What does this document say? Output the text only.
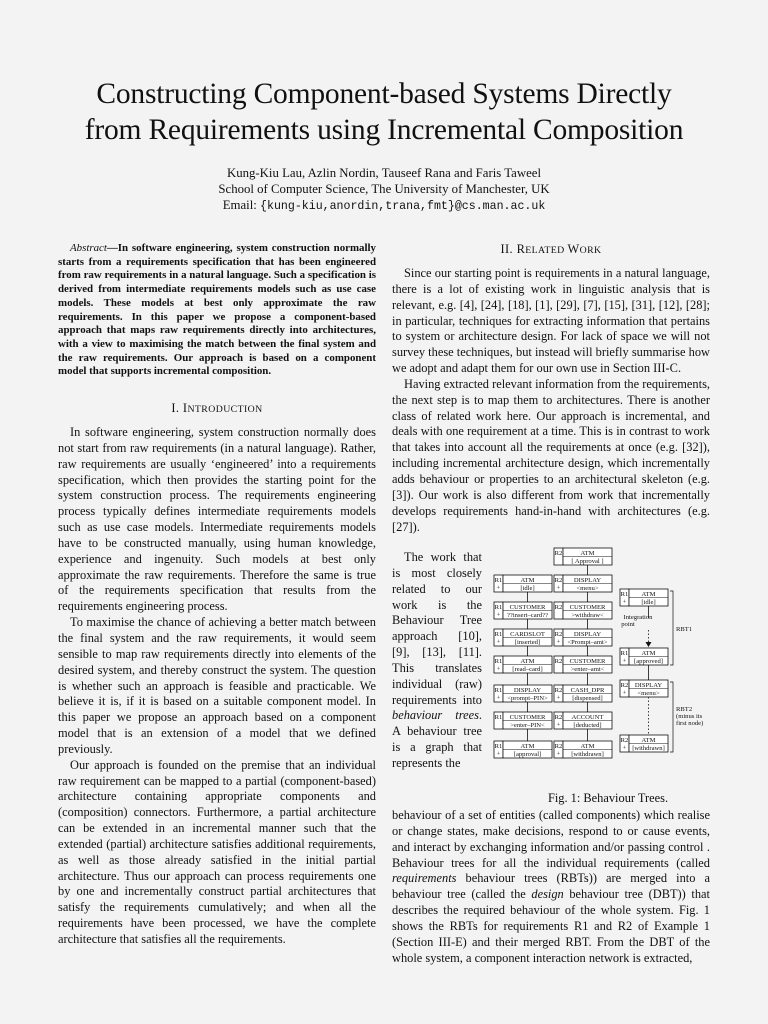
Constructing Component-based Systems Directly
from Requirements using Incremental Composition
Kung-Kiu Lau, Azlin Nordin, Tauseef Rana and Faris Taweel
School of Computer Science, The University of Manchester, UK
Email: {kung-kiu,anordin,trana,fmt}@cs.man.ac.uk
Abstract—In software engineering, system construction normally starts from a requirements specification that has been engineered from raw requirements in a natural language. Such a specification is derived from intermediate requirements models such as use case models. These models at best only approximate the raw requirements. In this paper we propose a component-based approach that maps raw requirements directly into architectures, with a view to maximising the match between the final system and the raw requirements. Our approach is based on a component model that supports incremental composition.
I. INTRODUCTION

In software engineering, system construction normally does not start from raw requirements (in a natural language). Rather, raw requirements are usually ‘engineered’ into a requirements specification, which then provides the starting point for the system construction process. The requirements engineering process typically defines intermediate requirements models such as use case models. Intermediate requirements models have to be constructed manually, using human knowledge, experience and ingenuity. Such models at best only approximate the raw requirements. Therefore the same is true of the requirements specification that results from the requirements engineering process.

To maximise the chance of achieving a better match between the final system and the raw requirements, it would seem sensible to map raw requirements directly into elements of the desired system, and thereby construct the system. The question is whether such an approach is feasible and practicable. We believe it is, if it is based on a suitable component model. In this paper we propose an approach based on a component model that is an extension of a model that we defined previously.

Our approach is founded on the premise that an individual raw requirement can be mapped to a partial (component-based) architecture containing appropriate components and (composition) connectors. Furthermore, a partial architecture can be extended in an incremental manner such that the extended (partial) architecture satisfies additional requirements, as well as those already satisfied in the initial partial architecture. Thus our approach can process requirements one by one and incrementally construct partial architectures that satisfy the requirements cumulatively; and when all the requirements have been processed, we have the complete architecture that satisfies all the requirements.

II. RELATED WORK

Since our starting point is requirements in a natural language, there is a lot of existing work in linguistic analysis that is relevant, e.g. [4], [24], [18], [1], [29], [7], [15], [31], [12], [28]; in particular, techniques for extracting information that pertains to system or architecture design. For lack of space we will not survey these techniques, but instead will briefly summarise how we adopt and adapt them for our own use in Section III-C.

Having extracted relevant information from the requirements, the next step is to map them to architectures. There is another class of related work here. Our approach is incremental, and deals with one requirement at a time. This is in contrast to work that takes into account all the requirements at once (e.g. [32]), including incremental architecture design, which incrementally adds behaviour or properties to an architectural skeleton (e.g. [3]). Our work is also different from work that incrementally develops requirements hand-in-hand with architectures (e.g. [27]).

The work that is most closely related to our work is the Behaviour Tree approach [10], [9], [13], [11]. This translates individual (raw) requirements into behaviour trees. A behaviour tree is a graph that represents the

R1
+
ATM
[idle]
R1
+
CUSTOMER
??insert–card??
R1
+
CARDSLOT
[inserted]
R1
+
ATM
[read–card]
R1
+
DISPLAY
<prompt–PIN>
R1 CUSTOMER
>enter–PIN<
R1
+
ATM
[approval]
R2	ATM
[ Approval ]
R2
+
DISPLAY
<menu>
R2 CUSTOMER
>withdraw<
R2
+
DISPLAY
<Prompt–amt>
R2 CUSTOMER
>enter–amt<
R2
+
CASH_DPR
[dispensed]
R2
+
ACCOUNT
[deducted]
R2
+
ATM
[withdrawn]
R1
+
ATM
[idle]
R1
+
ATM
[approved]
R2
+
DISPLAY
<menu>
R2
+
ATM
[withdrawn]
Integration
point
RBT1
RBT2
(minus its
first node)
Fig. 1: Behaviour Trees.

behaviour of a set of entities (called components) which realise or change states, make decisions, respond to or cause events, and interact by exchanging information and/or passing control . Behaviour trees for all the individual requirements (called requirements behaviour trees (RBTs)) are merged into a behaviour tree (called the design behaviour tree (DBT)) that describes the required behaviour of the whole system. Fig. 1 shows the RBTs for requirements R1 and R2 of Example 1 (Section III-E) and their merged RBT. From the DBT of the whole system, a component interaction network is extracted,
